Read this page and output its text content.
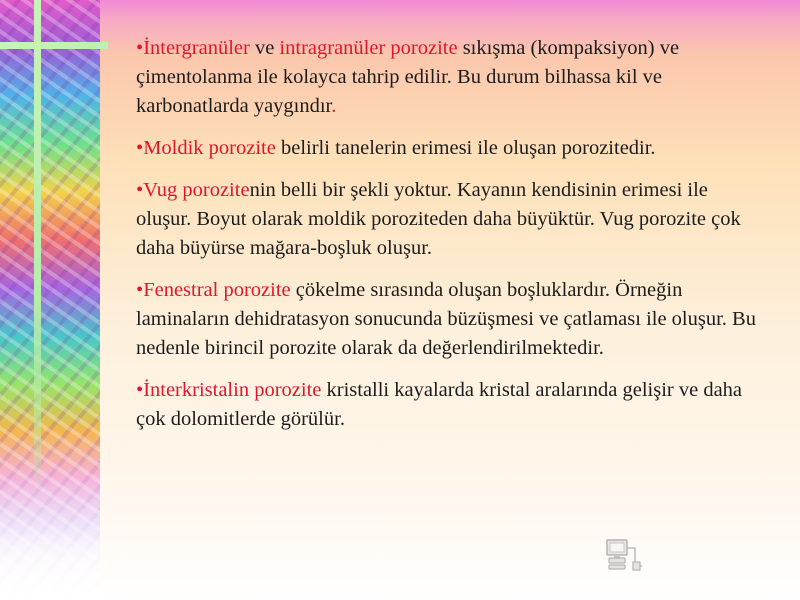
•İntergranüler ve intragranüler porozite sıkışma (kompaksiyon) ve çimentolanma ile kolayca tahrip edilir. Bu durum bilhassa kil ve karbonatlarda yaygındır.

•Moldik porozite belirli tanelerin erimesi ile oluşan porozitedir.

•Vug porozitenin belli bir şekli yoktur. Kayanın kendisinin erimesi ile oluşur. Boyut olarak moldik poroziteden daha büyüktür. Vug porozite çok daha büyürse mağara-boşluk oluşur.

•Fenestral porozite çökelme sırasında oluşan boşluklardır. Örneğin laminaların dehidratasyon sonucunda büzüşmesi ve çatlaması ile oluşur. Bu nedenle birincil porozite olarak da değerlendirilmektedir.

•İnterkristalin porozite kristalli kayalarda kristal aralarında gelişir ve daha çok dolomitlerde görülür.
